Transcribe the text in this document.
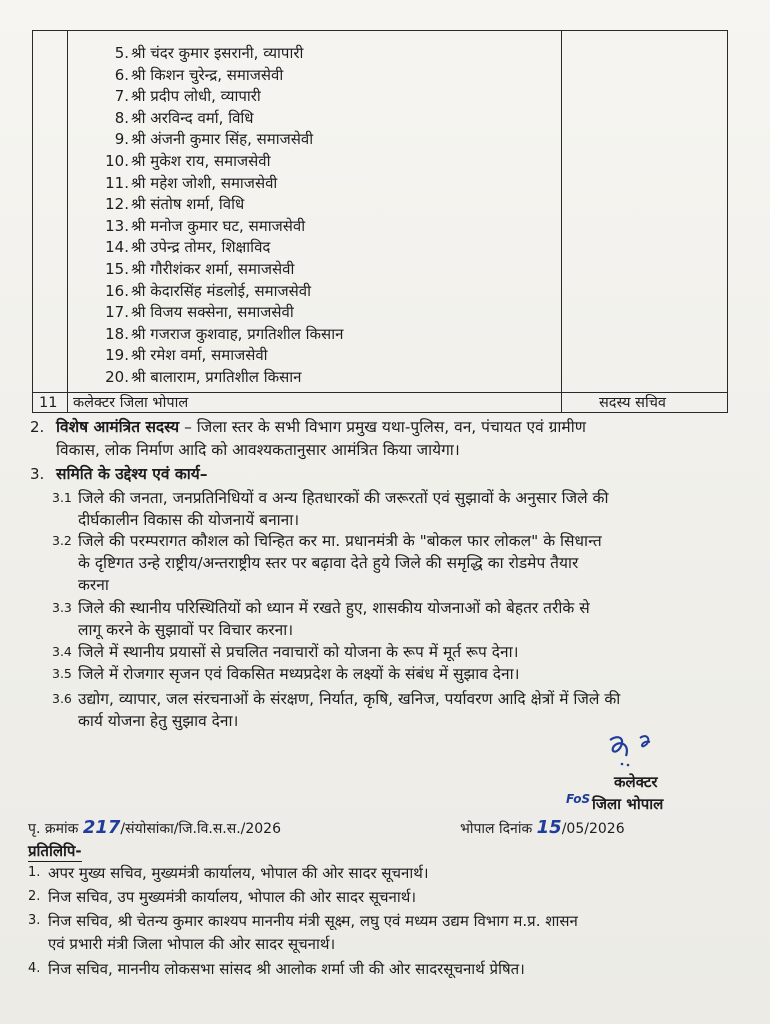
5. श्री चंदर कुमार इसरानी, व्यापारी
6. श्री किशन चुरेन्द्र, समाजसेवी
7. श्री प्रदीप लोधी, व्यापारी
8. श्री अरविन्द वर्मा, विधि
9. श्री अंजनी कुमार सिंह, समाजसेवी
10. श्री मुकेश राय, समाजसेवी
11. श्री महेश जोशी, समाजसेवी
12. श्री संतोष शर्मा, विधि
13. श्री मनोज कुमार घट, समाजसेवी
14. श्री उपेन्द्र तोमर, शिक्षाविद
15. श्री गौरीशंकर शर्मा, समाजसेवी
16. श्री केदारसिंह मंडलोई, समाजसेवी
17. श्री विजय सक्सेना, समाजसेवी
18. श्री गजराज कुशवाह, प्रगतिशील किसान
19. श्री रमेश वर्मा, समाजसेवी
20. श्री बालाराम, प्रगतिशील किसान
11 कलेक्टर जिला भोपाल	सदस्य सचिव
2. विशेष आमंत्रित सदस्य – जिला स्तर के सभी विभाग प्रमुख यथा-पुलिस, वन, पंचायत एवं ग्रामीण
विकास, लोक निर्माण आदि को आवश्यकतानुसार आमंत्रित किया जायेगा।
3. समिति के उद्देश्य एवं कार्य–
3.1 जिले की जनता, जनप्रतिनिधियों व अन्य हितधारकों की जरूरतों एवं सुझावों के अनुसार जिले की
दीर्घकालीन विकास की योजनायें बनाना।
3.2 जिले की परम्परागत कौशल को चिन्हित कर मा. प्रधानमंत्री के "बोकल फार लोकल" के सिधान्त
के दृष्टिगत उन्हे राष्ट्रीय/अन्तराष्ट्रीय स्तर पर बढ़ावा देते हुये जिले की समृद्धि का रोडमेप तैयार
करना
3.3 जिले की स्थानीय परिस्थितियों को ध्यान में रखते हुए, शासकीय योजनाओं को बेहतर तरीके से
लागू करने के सुझावों पर विचार करना।
3.4 जिले में स्थानीय प्रयासों से प्रचलित नवाचारों को योजना के रूप में मूर्त रूप देना।
3.5 जिले में रोजगार सृजन एवं विकसित मध्यप्रदेश के लक्ष्यों के संबंध में सुझाव देना।
3.6 उद्योग, व्यापार, जल संरचनाओं के संरक्षण, निर्यात, कृषि, खनिज, पर्यावरण आदि क्षेत्रों में जिले की
कार्य योजना हेतु सुझाव देना।
कलेक्टर
FoS जिला भोपाल
पृ. क्रमांक 217/संयोसांका/जि.वि.स.स./2026	भोपाल दिनांक 15/05/2026
प्रतिलिपि-
1. अपर मुख्य सचिव, मुख्यमंत्री कार्यालय, भोपाल की ओर सादर सूचनार्थ।
2. निज सचिव, उप मुख्यमंत्री कार्यालय, भोपाल की ओर सादर सूचनार्थ।
3. निज सचिव, श्री चेतन्य कुमार काश्यप माननीय मंत्री सूक्ष्म, लघु एवं मध्यम उद्यम विभाग म.प्र. शासन
एवं प्रभारी मंत्री जिला भोपाल की ओर सादर सूचनार्थ।
4. निज सचिव, माननीय लोकसभा सांसद श्री आलोक शर्मा जी की ओर सादरसूचनार्थ प्रेषित।
